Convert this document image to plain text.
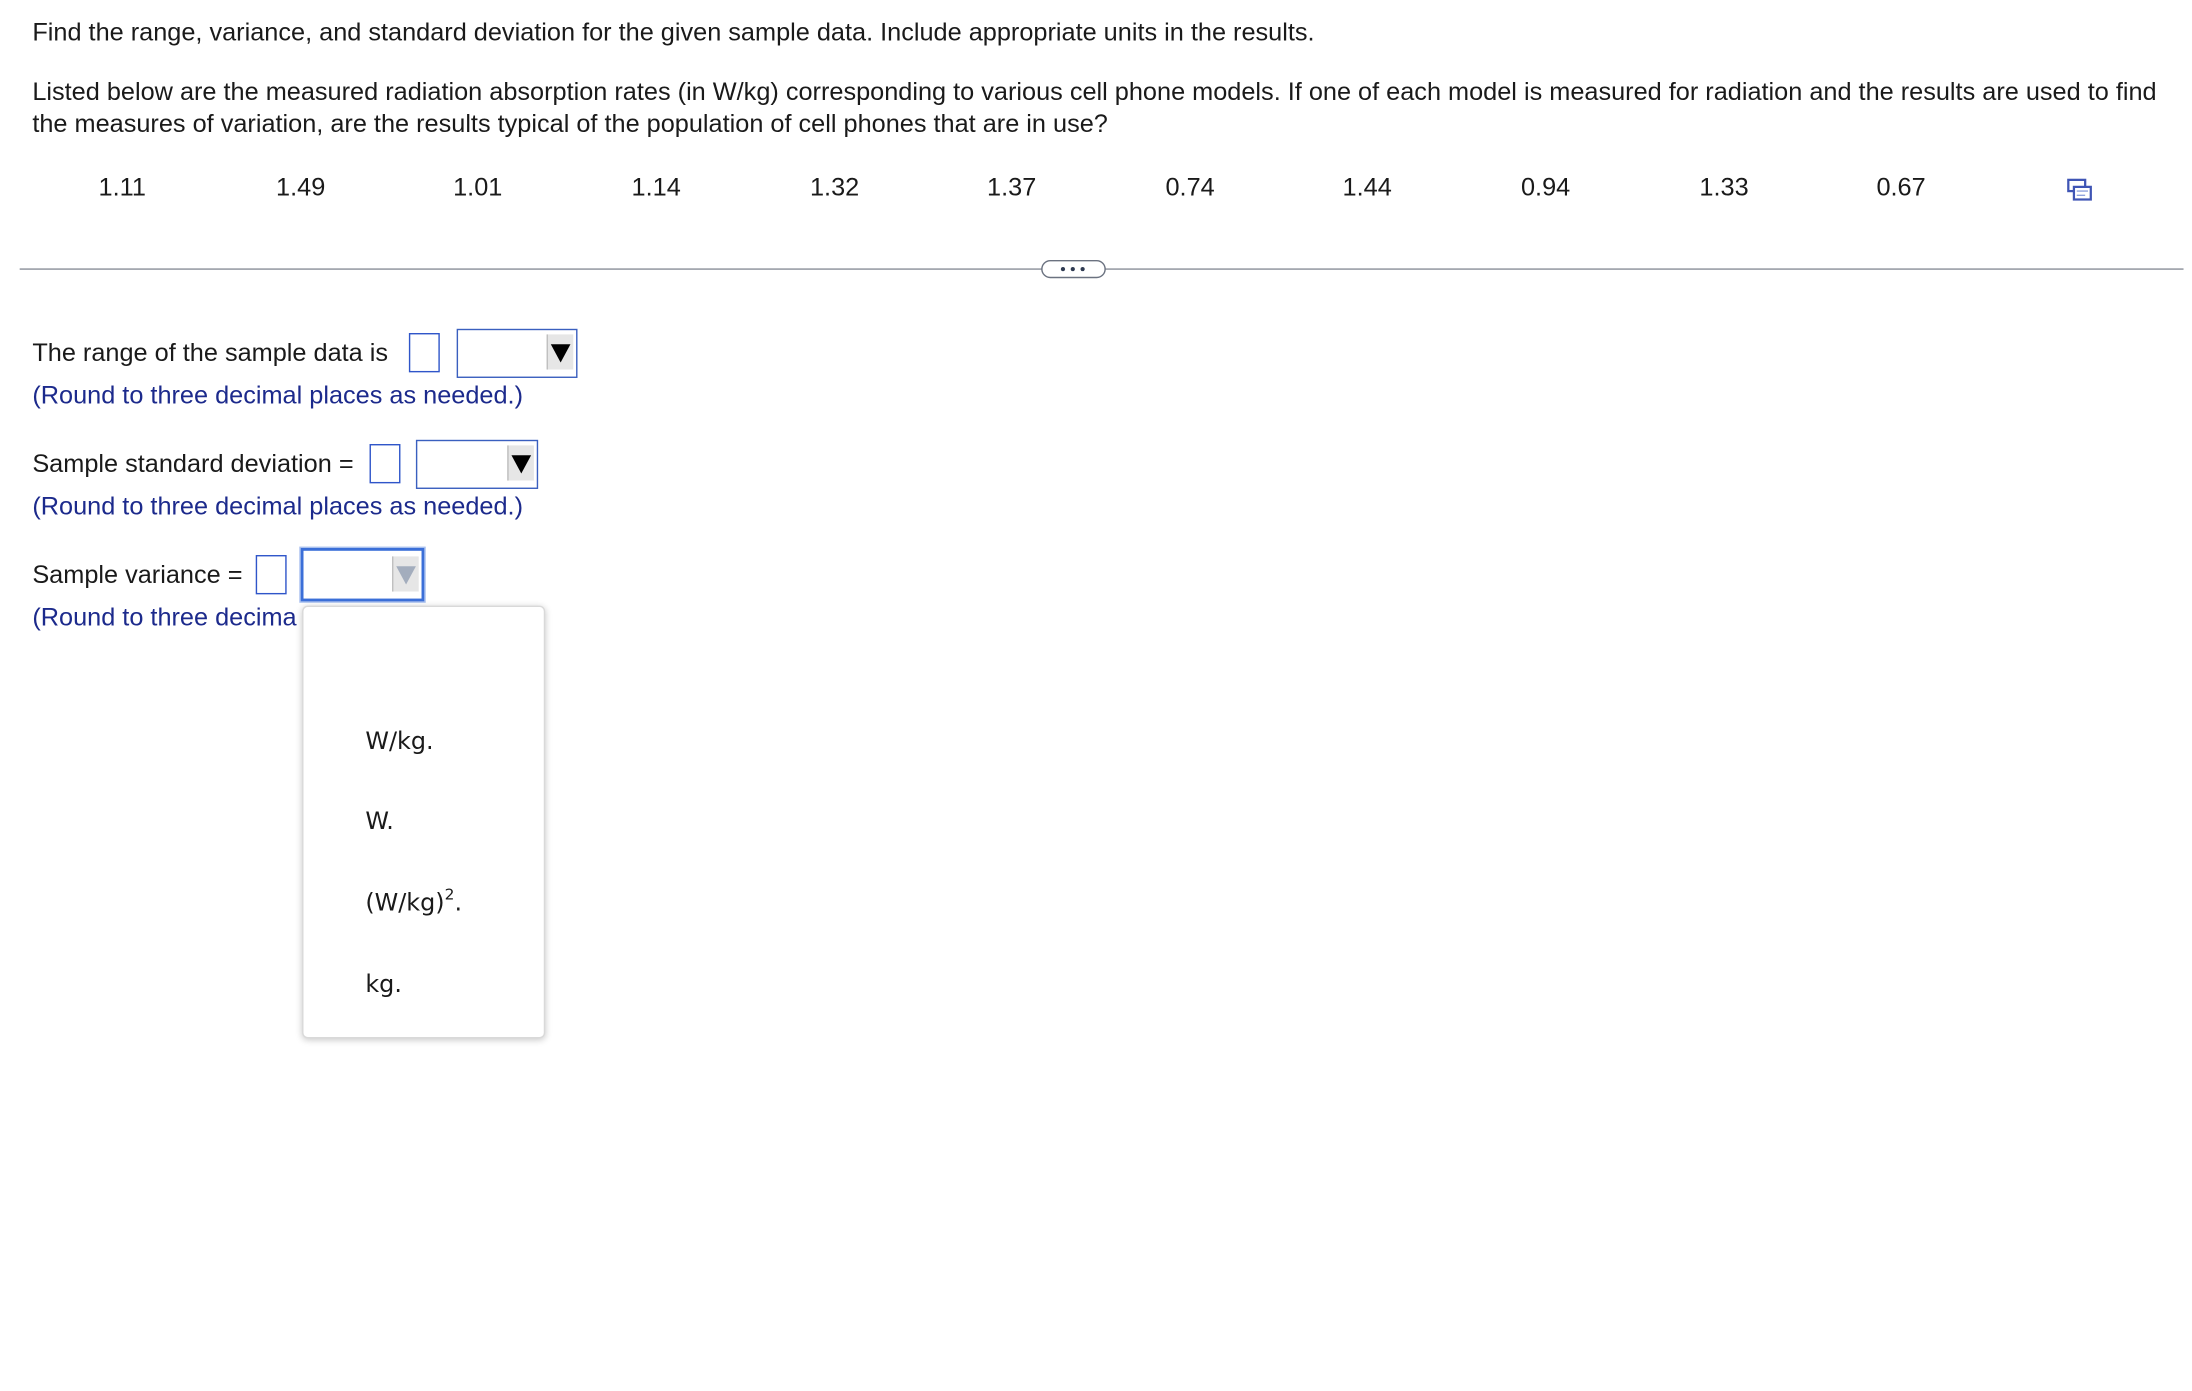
Find the range, variance, and standard deviation for the given sample data. Include appropriate units in the results.
Listed below are the measured radiation absorption rates (in W/kg) corresponding to various cell phone models. If one of each model is measured for radiation and the results are used to find the measures of variation, are the results typical of the population of cell phones that are in use?
1.11	1.49	1.01	1.14	1.32	1.37	0.74	1.44	0.94	1.33	0.67
The range of the sample data is
(Round to three decimal places as needed.)
Sample standard deviation =
(Round to three decimal places as needed.)
Sample variance =
(Round to three decima
W/kg.
W.
$(W/kg)^2$.
kg.
